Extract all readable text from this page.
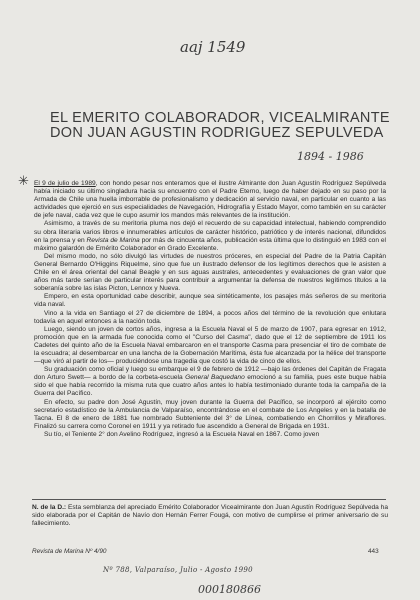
aaj 1549
EL EMERITO COLABORADOR, VICEALMIRANTE
DON JUAN AGUSTIN RODRIGUEZ SEPULVEDA
1894 - 1986
✳ El 9 de julio de 1989, con hondo pesar nos enteramos que el ilustre Almirante don Juan Agustín Rodríguez Sepúlveda había iniciado su último singladura hacia su encuentro con el Padre Eterno, luego de haber dejado en su paso por la Armada de Chile una huella imborrable de profesionalismo y dedicación al servicio naval, en particular en cuanto a las actividades que ejerció en sus especialidades de Navegación, Hidrografía y Estado Mayor, como también en su carácter de jefe naval, cada vez que le cupo asumir los mandos más relevantes de la institución.

Asimismo, a través de su meritoria pluma nos dejó el recuerdo de su capacidad intelectual, habiendo comprendido su obra literaria varios libros e innumerables artículos de carácter histórico, patriótico y de interés nacional, difundidos en la prensa y en Revista de Marina por más de cincuenta años, publicación esta última que lo distinguió en 1983 con el máximo galardón de Emérito Colaborador en Grado Excelente.

Del mismo modo, no sólo divulgó las virtudes de nuestros próceres, en especial del Padre de la Patria Capitán General Bernardo O'Higgins Riquelme, sino que fue un ilustrado defensor de los legítimos derechos que le asisten a Chile en el área oriental del canal Beagle y en sus aguas australes, antecedentes y evaluaciones de gran valor que años más tarde serían de particular interés para contribuir a argumentar la defensa de nuestros legítimos títulos a la soberanía sobre las islas Picton, Lennox y Nueva.

Empero, en esta oportunidad cabe describir, aunque sea sintéticamente, los pasajes más señeros de su meritoria vida naval.

Vino a la vida en Santiago el 27 de diciembre de 1894, a pocos años del término de la revolución que enlutara todavía en aquel entonces a la nación toda.

Luego, siendo un joven de cortos años, ingresa a la Escuela Naval el 5 de marzo de 1907, para egresar en 1912, promoción que en la armada fue conocida como el "Curso del Casma", dado que el 12 de septiembre de 1911 los Cadetes del quinto año de la Escuela Naval embarcaron en el transporte Casma para presenciar el tiro de combate de la escuadra; al desembarcar en una lancha de la Gobernación Marítima, ésta fue alcanzada por la hélice del transporte —que viró al partir de los— produciéndose una tragedia que costó la vida de cinco de ellos.

Su graduación como oficial y luego su embarque el 9 de febrero de 1912 —bajo las órdenes del Capitán de Fragata don Arturo Swett— a bordo de la corbeta-escuela General Baquedano emocionó a su familia, pues este buque había sido el que había recorrido la misma ruta que cuatro años antes lo había testimoniado durante toda la campaña de la Guerra del Pacífico.

En efecto, su padre don José Agustín, muy joven durante la Guerra del Pacífico, se incorporó al ejército como secretario estadístico de la Ambulancia de Valparaíso, encontrándose en el combate de Los Angeles y en la batalla de Tacna. El 8 de enero de 1881 fue nombrado Subteniente del 3° de Línea, combatiendo en Chorrillos y Miraflores. Finalizó su carrera como Coronel en 1911 y ya retirado fue ascendido a General de Brigada en 1931.

Su tío, el Teniente 2° don Avelino Rodríguez, ingresó a la Escuela Naval en 1867. Como joven

N. de la D.: Esta semblanza del apreciado Emérito Colaborador Vicealmirante don Juan Agustín Rodríguez Sepúlveda ha sido elaborada por el Capitán de Navío don Hernán Ferrer Fougá, con motivo de cumplirse el primer aniversario de su fallecimiento.
Revista de Marina Nº 4/90	443
Nº 788, Valparaíso, Julio - Agosto 1990
000180866
